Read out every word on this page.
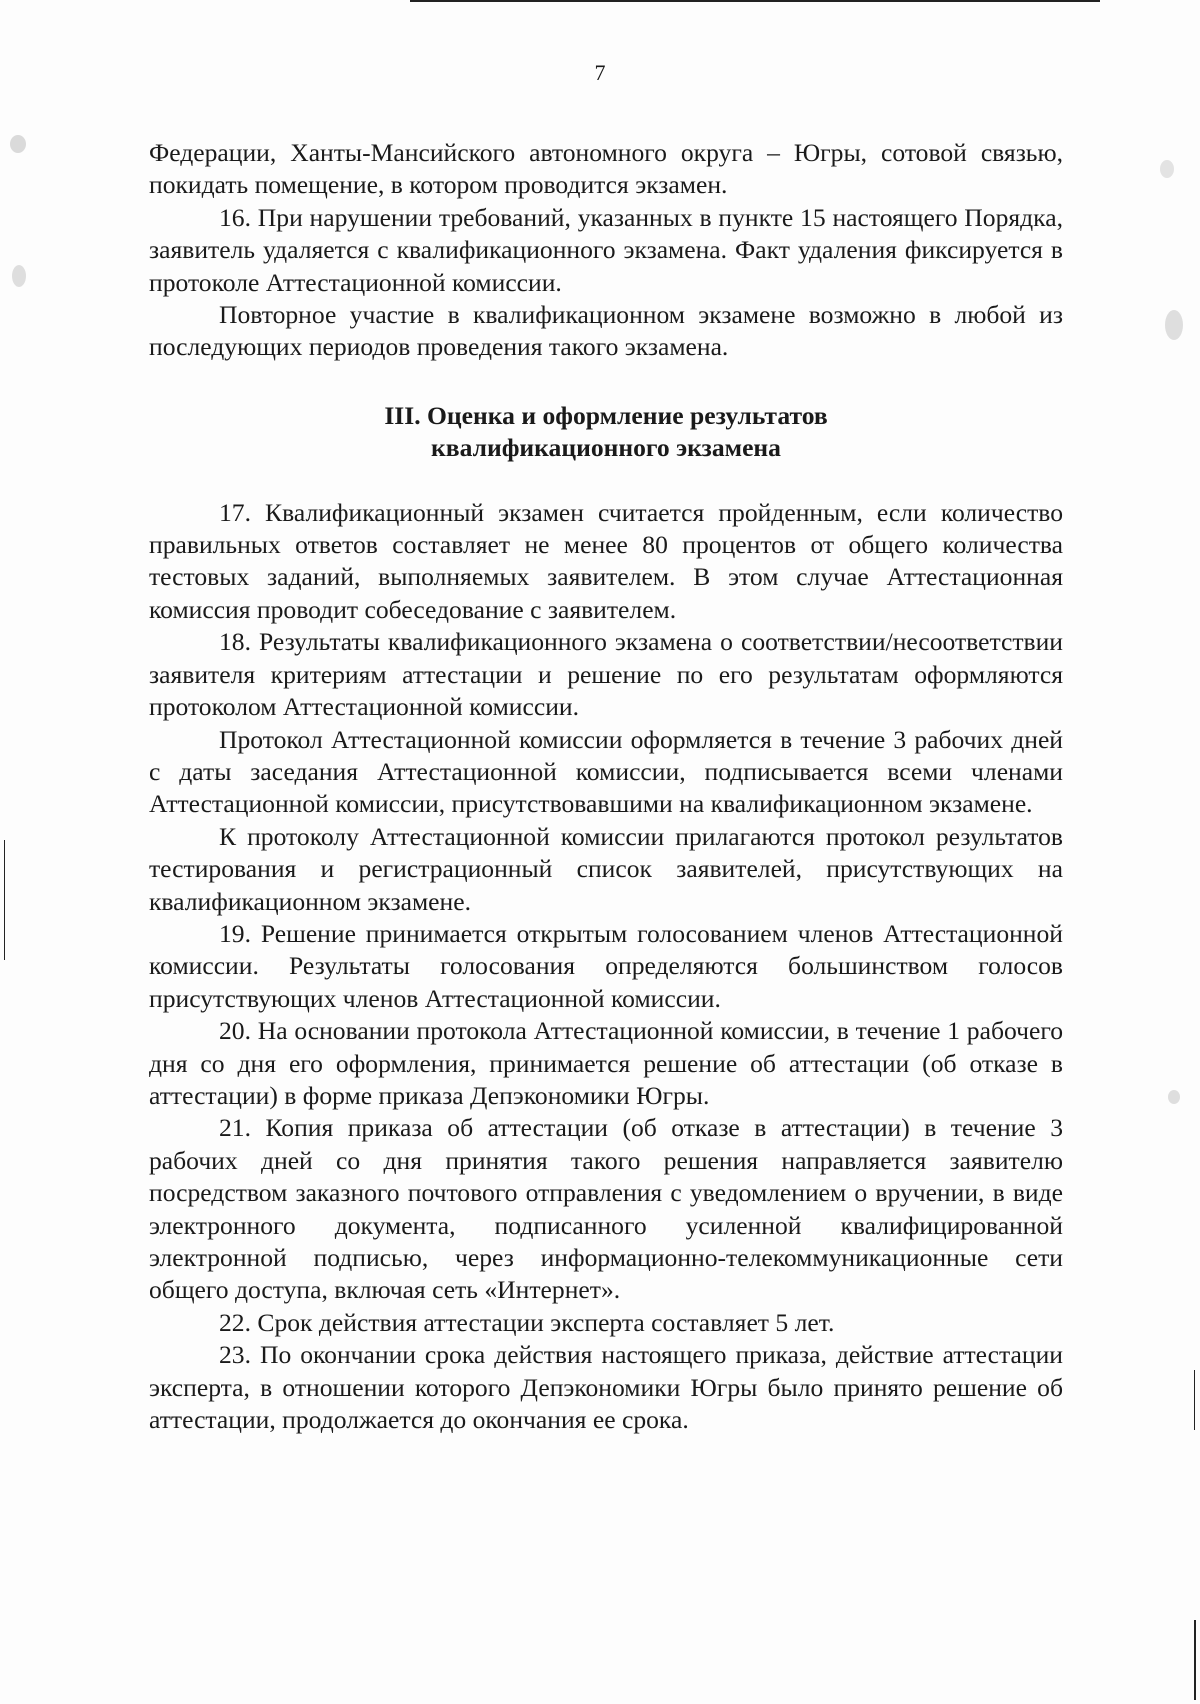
7

Федерации, Ханты-Мансийского автономного округа – Югры, сотовой связью, покидать помещение, в котором проводится экзамен.

16. При нарушении требований, указанных в пункте 15 настоящего Порядка, заявитель удаляется с квалификационного экзамена. Факт удаления фиксируется в протоколе Аттестационной комиссии.

Повторное участие в квалификационном экзамене возможно в любой из последующих периодов проведения такого экзамена.

III. Оценка и оформление результатов
квалификационного экзамена

17. Квалификационный экзамен считается пройденным, если количество правильных ответов составляет не менее 80 процентов от общего количества тестовых заданий, выполняемых заявителем. В этом случае Аттестационная комиссия проводит собеседование с заявителем.

18. Результаты квалификационного экзамена о соответствии/несоответствии заявителя критериям аттестации и решение по его результатам оформляются протоколом Аттестационной комиссии.

Протокол Аттестационной комиссии оформляется в течение 3 рабочих дней с даты заседания Аттестационной комиссии, подписывается всеми членами Аттестационной комиссии, присутствовавшими на квалификационном экзамене.

К протоколу Аттестационной комиссии прилагаются протокол результатов тестирования и регистрационный список заявителей, присутствующих на квалификационном экзамене.

19. Решение принимается открытым голосованием членов Аттестационной комиссии. Результаты голосования определяются большинством голосов присутствующих членов Аттестационной комиссии.

20. На основании протокола Аттестационной комиссии, в течение 1 рабочего дня со дня его оформления, принимается решение об аттестации (об отказе в аттестации) в форме приказа Депэкономики Югры.

21. Копия приказа об аттестации (об отказе в аттестации) в течение 3 рабочих дней со дня принятия такого решения направляется заявителю посредством заказного почтового отправления с уведомлением о вручении, в виде электронного документа, подписанного усиленной квалифицированной электронной подписью, через информационно-телекоммуникационные сети общего доступа, включая сеть «Интернет».

22. Срок действия аттестации эксперта составляет 5 лет.

23. По окончании срока действия настоящего приказа, действие аттестации эксперта, в отношении которого Депэкономики Югры было принято решение об аттестации, продолжается до окончания ее срока.
